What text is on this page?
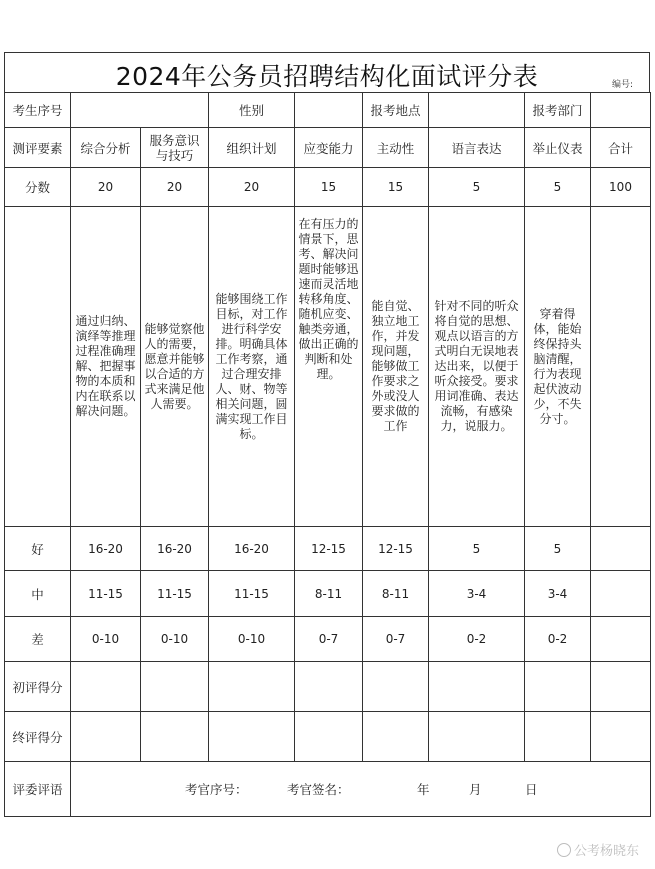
2024年公务员招聘结构化面试评分表	编号:
考生序号			性别		报考地点		报考部门	
测评要素	综合分析	服务意识与技巧	组织计划	应变能力	主动性	语言表达	举止仪表	合计
分数	20	20	20	15	15	5	5	100
	通过归纳、演绎等推理过程准确理解、把握事物的本质和内在联系以解决问题。	能够觉察他人的需要，愿意并能够以合适的方式来满足他人需要。	能够围绕工作目标，对工作进行科学安排。明确具体工作考察，通过合理安排人、财、物等相关问题，圆满实现工作目标。	在有压力的情景下，思考、解决问题时能够迅速而灵活地转移角度、随机应变、触类旁通，做出正确的判断和处理。	能自觉、独立地工作，并发现问题，能够做工作要求之外或没人要求做的工作	针对不同的听众将自觉的思想、观点以语言的方式明白无误地表达出来，以便于听众接受。要求用词准确、表达流畅，有感染力，说服力。	穿着得体，能始终保持头脑清醒，行为表现起伏波动少，不失分寸。	
好	16-20	16-20	16-20	12-15	12-15	5	5	
中	11-15	11-15	11-15	8-11	8-11	3-4	3-4	
差	0-10	0-10	0-10	0-7	0-7	0-2	0-2	
初评得分								
终评得分								
评委评语	考官序号： 考官签名： 年 月 日							
公考杨晓东
